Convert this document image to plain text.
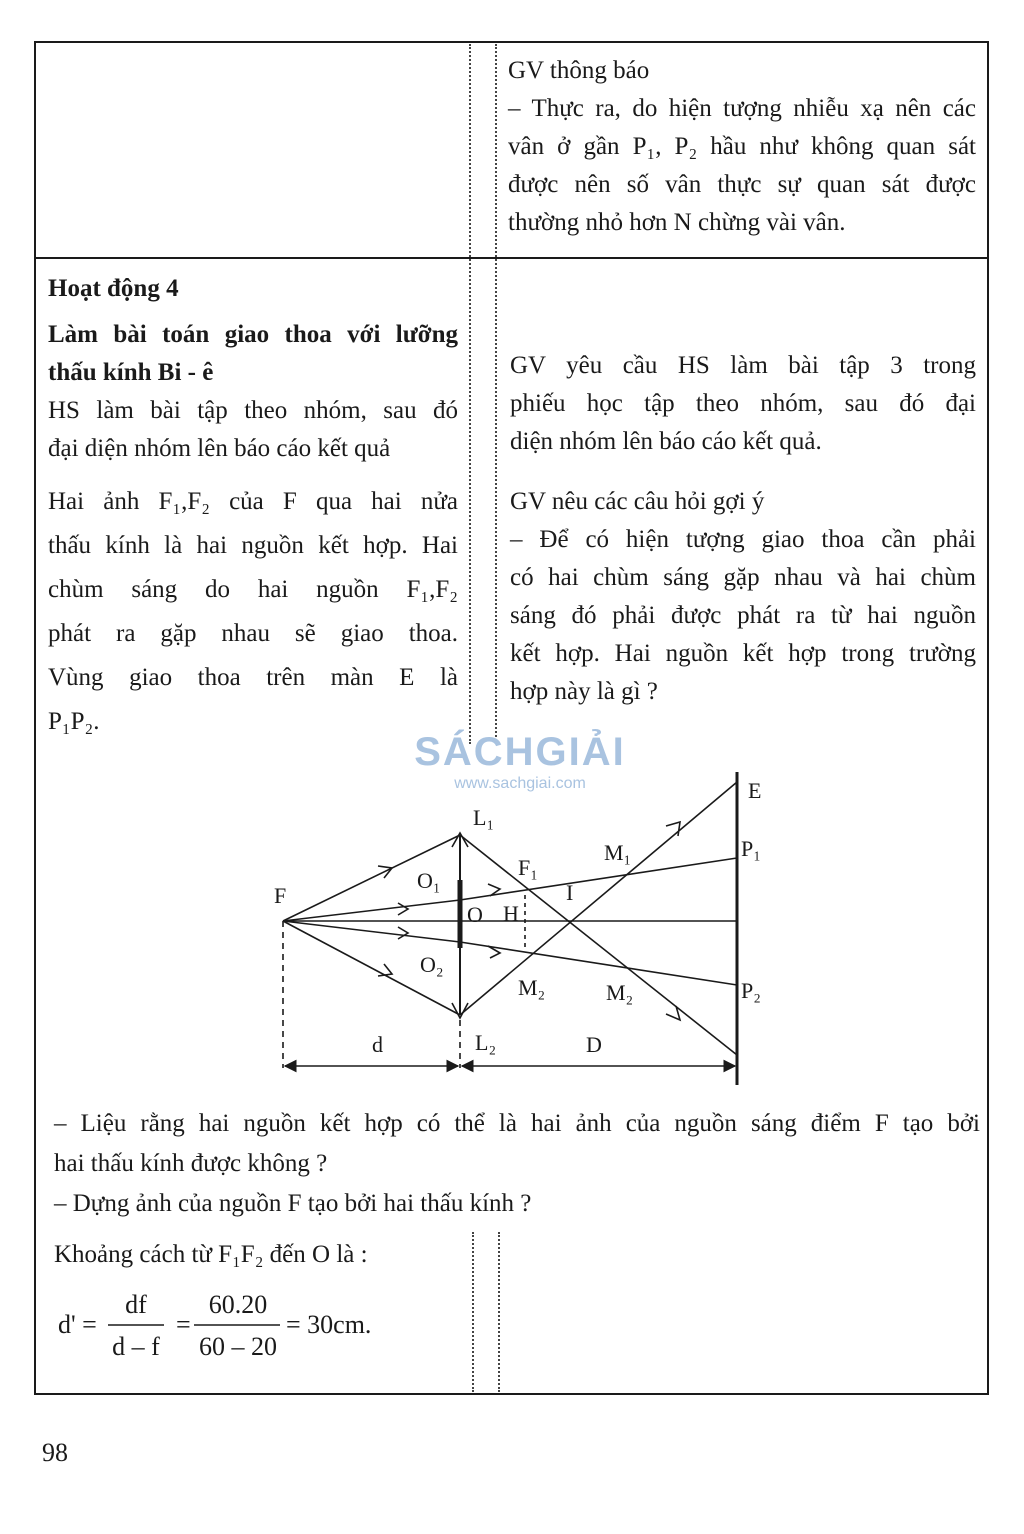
GV thông báo

– Thực ra, do hiện tượng nhiễu xạ nên các

vân ở gần P₁, P₂ hầu như không quan sát

được nên số vân thực sự quan sát được

thường nhỏ hơn N chừng vài vân.

Hoạt động 4

Làm bài toán giao thoa với lưỡng

thấu kính Bi - ê

HS làm bài tập theo nhóm, sau đó

đại diện nhóm lên báo cáo kết quả

Hai ảnh F₁,F₂ của F qua hai nửa

thấu kính là hai nguồn kết hợp. Hai

chùm sáng do hai nguồn F₁,F₂

phát ra gặp nhau sẽ giao thoa.

Vùng giao thoa trên màn E là

P₁P₂.

GV yêu cầu HS làm bài tập 3 trong

phiếu học tập theo nhóm, sau đó đại

diện nhóm lên báo cáo kết quả.

GV nêu các câu hỏi gợi ý

– Để có hiện tượng giao thoa cần phải

có hai chùm sáng gặp nhau và hai chùm

sáng đó phải được phát ra từ hai nguồn

kết hợp. Hai nguồn kết hợp trong trường

hợp này là gì ?

SÁCHGIẢI
www.sachgiai.com
F
E
L₁
L₂
O
O₁
O₂
F₁
H
I
M₁
M₂	M₂
P₁
P₂
d	D

– Liệu rằng hai nguồn kết hợp có thể là hai ảnh của nguồn sáng điểm F tạo bởi

hai thấu kính được không ?

– Dựng ảnh của nguồn F tạo bởi hai thấu kính ?

Khoảng cách từ F₁F₂ đến O là :

d' =
df
d – f
=
60.20
60 – 20
= 30cm.
98
